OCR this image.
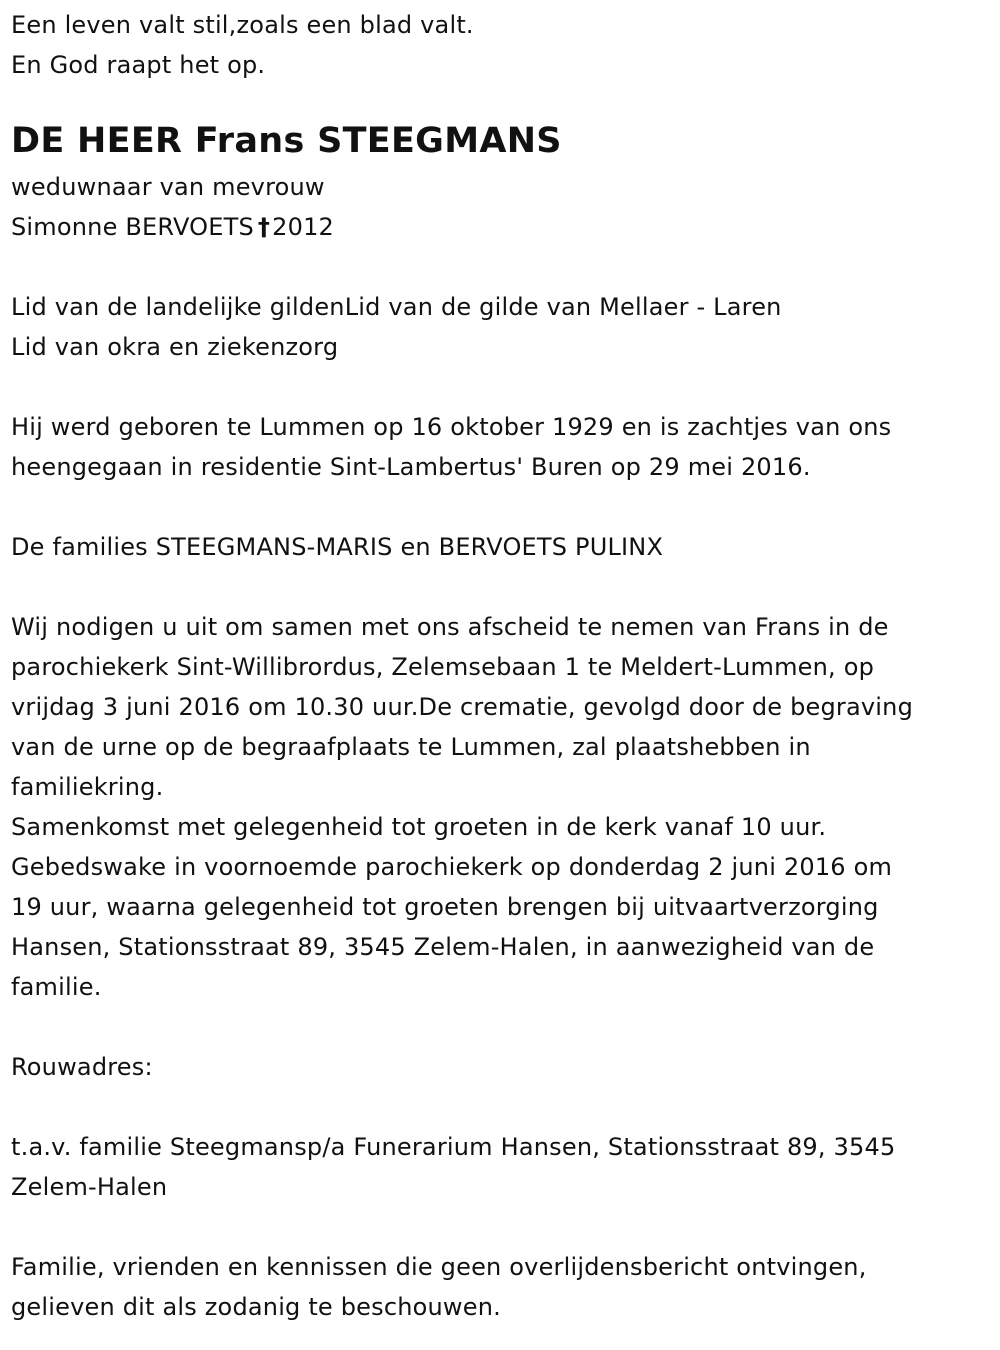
Een leven valt stil,zoals een blad valt.
En God raapt het op.
DE HEER Frans STEEGMANS
weduwnaar van mevrouw
Simonne BERVOETS †2012
Lid van de landelijke gildenLid van de gilde van Mellaer - Laren
Lid van okra en ziekenzorg
Hij werd geboren te Lummen op 16 oktober 1929 en is zachtjes van ons
heengegaan in residentie Sint-Lambertus' Buren op 29 mei 2016.
De families STEEGMANS-MARIS en BERVOETS PULINX
Wij nodigen u uit om samen met ons afscheid te nemen van Frans in de
parochiekerk Sint-Willibrordus, Zelemsebaan 1 te Meldert-Lummen, op
vrijdag 3 juni 2016 om 10.30 uur.De crematie, gevolgd door de begraving
van de urne op de begraafplaats te Lummen, zal plaatshebben in
familiekring.
Samenkomst met gelegenheid tot groeten in de kerk vanaf 10 uur.
Gebedswake in voornoemde parochiekerk op donderdag 2 juni 2016 om
19 uur, waarna gelegenheid tot groeten brengen bij uitvaartverzorging
Hansen, Stationsstraat 89, 3545 Zelem-Halen, in aanwezigheid van de
familie.
Rouwadres:
t.a.v. familie Steegmansp/a Funerarium Hansen, Stationsstraat 89, 3545
Zelem-Halen
Familie, vrienden en kennissen die geen overlijdensbericht ontvingen,
gelieven dit als zodanig te beschouwen.
